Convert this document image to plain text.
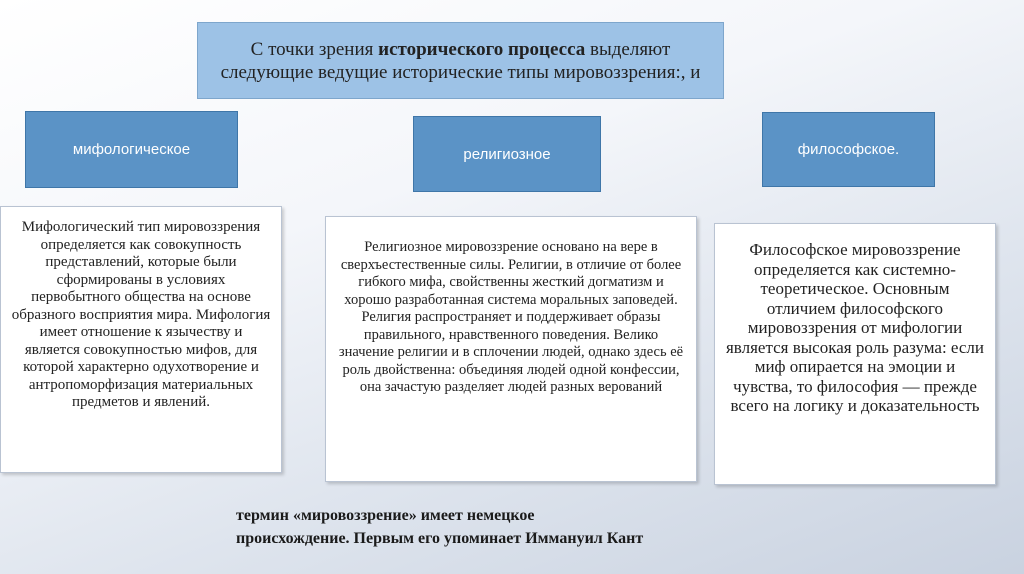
С точки зрения исторического процесса выделяют следующие ведущие исторические типы мировоззрения:, и
мифологическое	религиозное	философское.
Мифологический тип мировоззрения определяется как совокупность представлений, которые были сформированы в условиях первобытного общества на основе образного восприятия мира. Мифология имеет отношение к язычеству и является совокупностью мифов, для которой характерно одухотворение и антропоморфизация материальных предметов и явлений.
Религиозное мировоззрение основано на вере в сверхъестественные силы. Религии, в отличие от более гибкого мифа, свойственны жесткий догматизм и хорошо разработанная система моральных заповедей. Религия распространяет и поддерживает образы правильного, нравственного поведения. Велико значение религии и в сплочении людей, однако здесь её роль двойственна: объединяя людей одной конфессии, она зачастую разделяет людей разных верований
Философское мировоззрение определяется как системно-теоретическое. Основным отличием философского мировоззрения от мифологии является высокая роль разума: если миф опирается на эмоции и чувства, то философия — прежде всего на логику и доказательность
термин «мировоззрение» имеет немецкое
происхождение. Первым его упоминает Иммануил Кант
